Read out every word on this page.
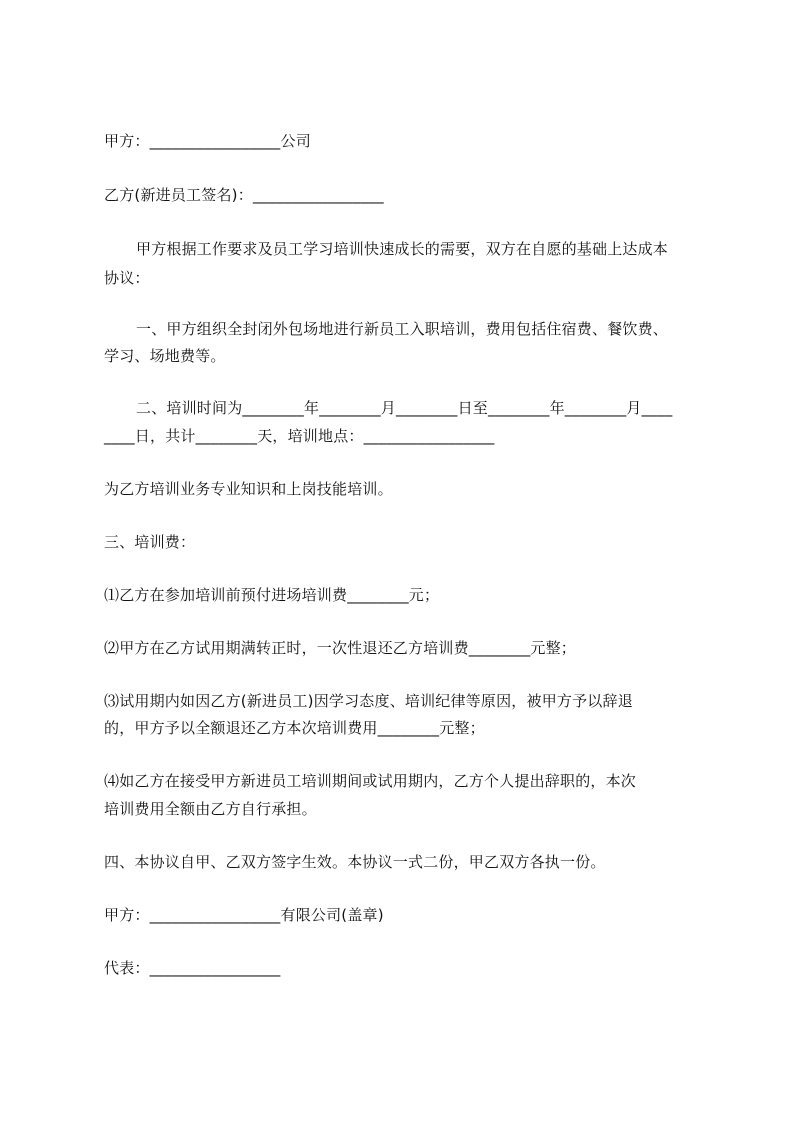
甲方：_________________公司
乙方(新进员工签名)：_________________
甲方根据工作要求及员工学习培训快速成长的需要，双方在自愿的基础上达成本
协议：
一、甲方组织全封闭外包场地进行新员工入职培训，费用包括住宿费、餐饮费、
学习、场地费等。
二、培训时间为________年________月________日至________年________月____
____日，共计________天，培训地点：_________________
为乙方培训业务专业知识和上岗技能培训。
三、培训费：
⑴乙方在参加培训前预付进场培训费________元；
⑵甲方在乙方试用期满转正时，一次性退还乙方培训费________元整；
⑶试用期内如因乙方(新进员工)因学习态度、培训纪律等原因，被甲方予以辞退
的，甲方予以全额退还乙方本次培训费用________元整；
⑷如乙方在接受甲方新进员工培训期间或试用期内，乙方个人提出辞职的，本次
培训费用全额由乙方自行承担。
四、本协议自甲、乙双方签字生效。本协议一式二份，甲乙双方各执一份。
甲方：_________________有限公司(盖章)
代表：_________________
